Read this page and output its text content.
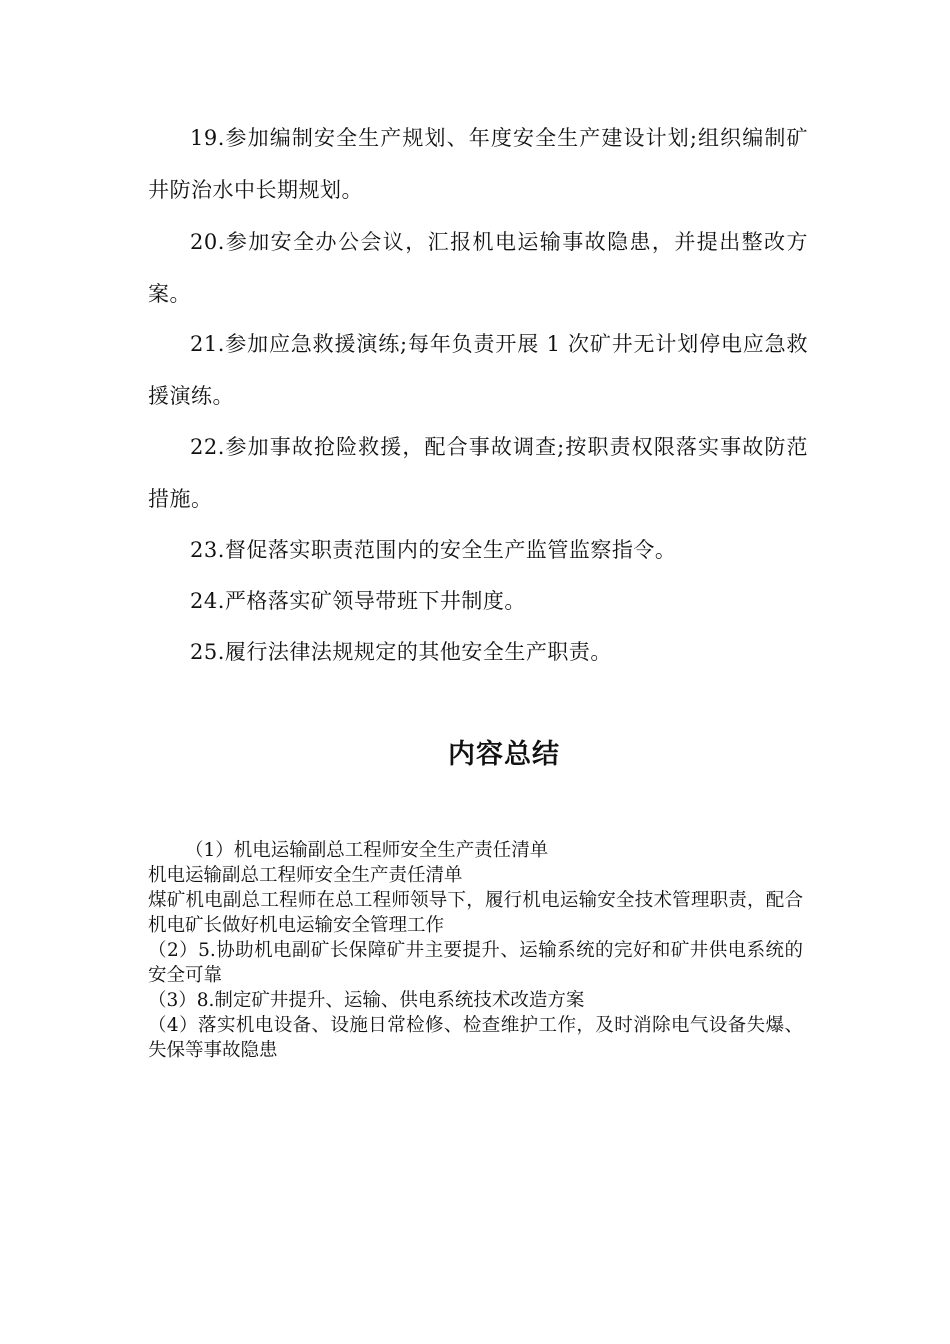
19.参加编制安全生产规划、年度安全生产建设计划;组织编制矿井防治水中长期规划。

20.参加安全办公会议，汇报机电运输事故隐患，并提出整改方案。

21.参加应急救援演练;每年负责开展 1 次矿井无计划停电应急救援演练。

22.参加事故抢险救援，配合事故调查;按职责权限落实事故防范措施。

23.督促落实职责范围内的安全生产监管监察指令。

24.严格落实矿领导带班下井制度。

25.履行法律法规规定的其他安全生产职责。

内容总结

（1）机电运输副总工程师安全生产责任清单

机电运输副总工程师安全生产责任清单

煤矿机电副总工程师在总工程师领导下，履行机电运输安全技术管理职责，配合机电矿长做好机电运输安全管理工作

（2）5.协助机电副矿长保障矿井主要提升、运输系统的完好和矿井供电系统的安全可靠

（3）8.制定矿井提升、运输、供电系统技术改造方案

（4）落实机电设备、设施日常检修、检查维护工作，及时消除电气设备失爆、失保等事故隐患
